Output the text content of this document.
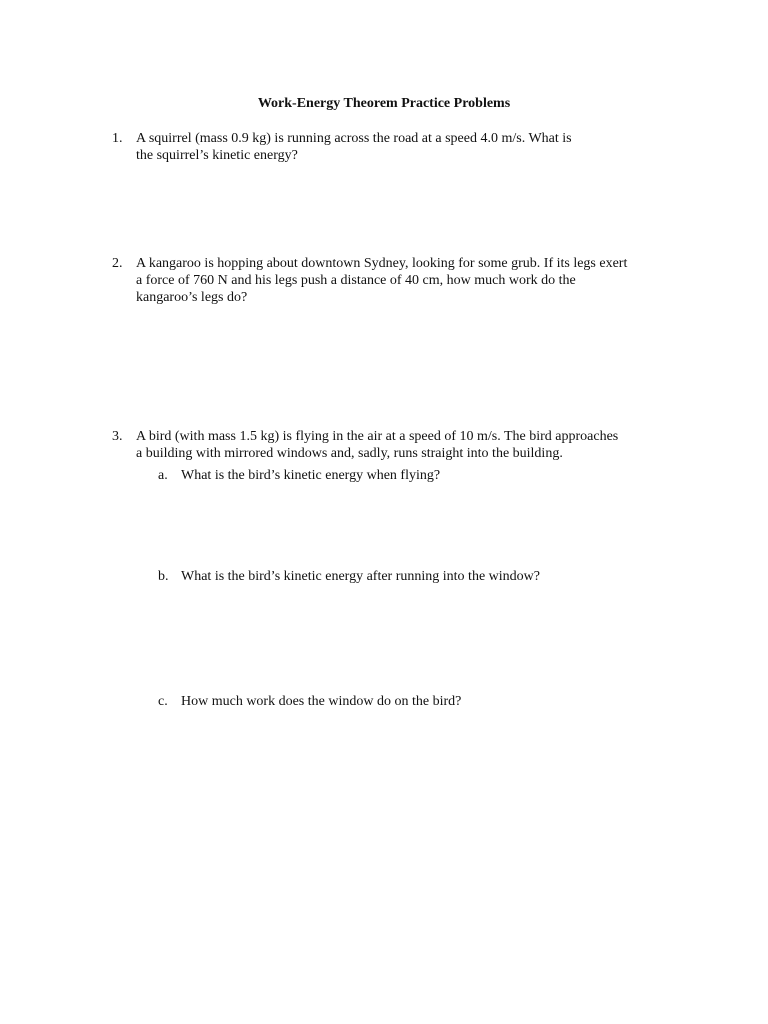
Work-Energy Theorem Practice Problems
1. A squirrel (mass 0.9 kg) is running across the road at a speed 4.0 m/s. What is
the squirrel’s kinetic energy?
2. A kangaroo is hopping about downtown Sydney, looking for some grub. If its legs exert
a force of 760 N and his legs push a distance of 40 cm, how much work do the
kangaroo’s legs do?
3. A bird (with mass 1.5 kg) is flying in the air at a speed of 10 m/s. The bird approaches
a building with mirrored windows and, sadly, runs straight into the building.
a. What is the bird’s kinetic energy when flying?
b. What is the bird’s kinetic energy after running into the window?
c. How much work does the window do on the bird?
